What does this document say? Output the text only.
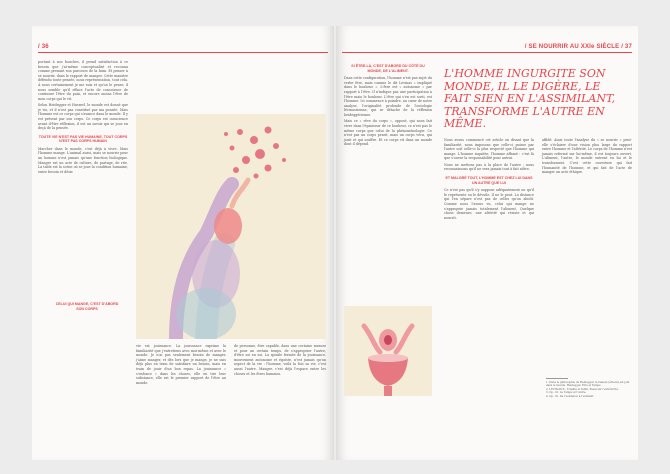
/ 36

portant à nos bouches, il prend satisfaction à ce besoin que j'ai-même conceptualisé et reconnu comme prenant son parcours de la faim. Et penser à se nourrir, dans le rapport de manger. Cette manière défendu toute pensée, nous représentation, tout cela. À nous certainement je me suis et qu'on le pense, il nous semble qu'il efface l'acte de conscience de continuer l'être du pain, et encore moins l'être de mon corps qui le vit.

Selon Heidegger et Husserl, le monde est donné que je vis, et il n'est pas constitué par ma pensée. Mais l'homme est ce corps qui s'avance dans le monde. Il y est présent par son corps. Ce corps est conscience avant d'être réflexion, il est un savoir qui se joue en deçà de la pensée.

TOUTE VIE N'EST PAS VIE HUMAINE, TOUT CORPS N'EST PAS CORPS HUMAIN

Marcher dans le monde, c'est déjà à vivre. Mais l'homme mange. L'animal aussi, mais se nourrir pour un homme n'est jamais qu'une fonction biologique. Manger est un acte de culture, de partage, de rite. La table est la scène où se joue la condition humaine, entre besoin et désir.

CELUI QUI MANGE, C'EST D'ABORD SON CORPS

vie est jouissance. La jouissance exprime la familiarité que j'entretiens avec moi-même et avec le monde. Je n'ai pas seulement besoin de manger, j'aime manger, et dès lors que je mange, je ne suis déjà plus en train de satisfaire un besoin, mais en train de jouir d'un bon repas. La jouissance « s'enfonce » dans les choses, elle en tire leur substance, elle est le premier rapport de l'être au monde.

de personne, être capable, dans une certaine mesure et pour un certain temps, de s'approprier l'autre, d'être soi en soi. La spirale fermée de la jouissance, mouvement autonome et égoïste, n'est jamais qu'un aspect de la vie : l'homme, voilà la fois sa vie, c'est aussi l'autre. Manger, c'est déjà l'espace entre les choses et les êtres humains.

/ SE NOURRIR AU XXIe SIÈCLE / 37
SI ÊTRE-LÀ, C'EST D'ABORD DU CÔTÉ DU MONDE, DE L'ALIMENT.

Dans cette configuration, l'homme n'est pas sujet du verbe être, mais comme le dit Levinas « impliqué dans le bonheur ». L'être est « autonome » par rapport à l'être. Il n'indique pas une participation à l'être mais le bonheur. L'être qui s'en est sorti, est l'homme. Ici commence à poindre, au cœur de notre analyse, l'originalité profonde de l'ontologie lévinassienne, qui se détache de la réflexion heideggérienne.

Mais ce « rêve du corps », opposé, qui nous fait vivre dans l'épaisseur de ce bonheur, ce n'est pas le même corps que celui de la phénoménologie. Ce n'est pas un corps pensé, mais un corps vécu, qui jouit et qui souffre. Et ce corps vit dans un monde dont il dépend.

L'HOMME INGURGITE SON MONDE, IL LE DIGÈRE, LE FAIT SIEN EN L'ASSIMILANT, TRANSFORME L'AUTRE EN MÊME.

Nous avons commencé cet article en disant que la familiarité, nous imposons que celle-ci puisse par l'autre soit celle-ci la plus respecté que l'homme qui mange. L'homme inquiète, l'homme affamé : c'est là que s'ouvre la responsabilité pour autrui.

Nous ne mettons pas à la place de l'autre ; nous reconnaissons qu'il ne sera jamais tout à fait nôtre.

ET MALGRÉ TOUT, L'HOMME EST CHEZ LUI DANS UN AUTRE QUE LUI

Ce n'est pas qu'il s'y suppose adéquatement ou qu'il le représente ou le dévoile. Il ne le peut. La distance qui l'en sépare n'est pas de celles qu'on abolit. Comme nous l'avons vu, celui qui mange ne s'approprie jamais totalement l'aliment. Quelque chose demeure, une altérité qui résiste et qui nourrit.

affidé. Ainsi toute l'analyse du « se nourrir » peut-elle s'éclairer d'une vision plus large du rapport entre l'homme et l'altérité. Le corps de l'homme n'est jamais refermé sur lui-même, il est toujours ouvert. L'aliment, l'autre, le monde entrent en lui et le transforment. C'est cette ouverture qui fait l'humanité de l'homme, et qui fait de l'acte de manger un acte éthique.

1. Dans le philosophie de Heidegger, le Dasein (être-là) est jeté dans le monde. Heidegger, Être et Temps.
2. LEVINAS E., Totalité et Infini, Essai sur l'extériorité.
3. Op. cit. Le Temps et l'Autre.
4. Op. cit. De l'existence à l'existant.
